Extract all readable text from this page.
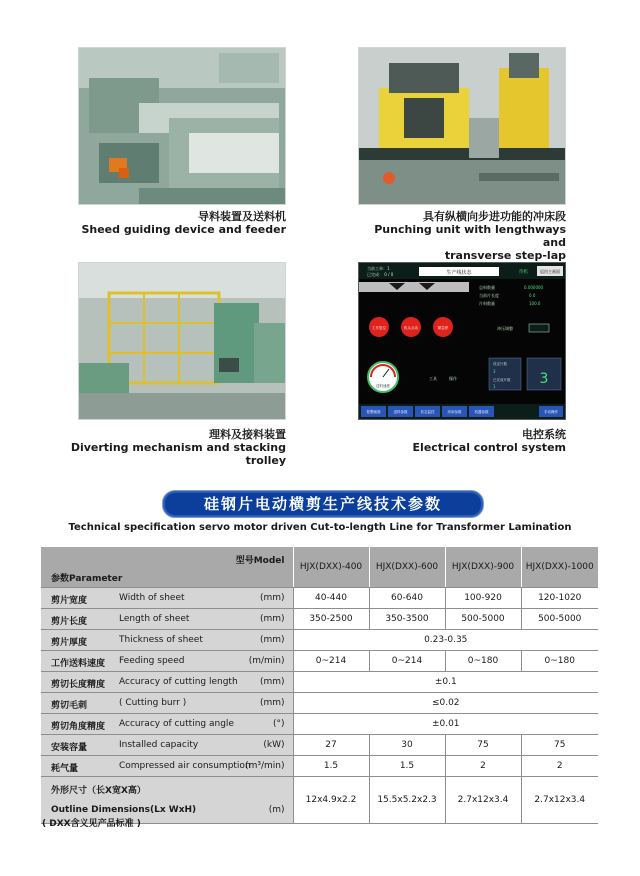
导料装置及送料机
Sheed guiding device and feeder
具有纵横向步进功能的冲床段
Punching unit with lengthways and
transverse step-lap
当前工单：1
已完成： 0 / 0	生产线状态	待机	返回主画面
总料数量	0.000000
当前片长度	0.0
片料数量	100.0
工作复位	机头点动	紧急停	冲压调整
设定片数
3
已完成片数
1	3
送料速度
工具	操作
报警画面	送料参数	状态监控	冲床参数	机器参数	手动操作
理料及接料装置
Diverting mechanism and stacking trolley
电控系统
Electrical control system
硅钢片电动横剪生产线技术参数
Technical specification servo motor driven Cut-to-length Line for Transformer Lamination
型号Model
参数Parameter	HJX(DXX)-400	HJX(DXX)-600	HJX(DXX)-900	HJX(DXX)-1000

剪片宽度 Width of sheet (mm)	40-440	60-640	100-920	120-1020

剪片长度 Length of sheet (mm)	350-2500	350-3500	500-5000	500-5000

剪片厚度 Thickness of sheet (mm)	0.23-0.35			

工作送料速度 Feeding speed (m/min)	0~214	0~214	0~180	0~180

剪切长度精度 Accuracy of cutting length (mm)	±0.1			

剪切毛刺 ( Cutting burr ) (mm)	≤0.02			

剪切角度精度 Accuracy of cutting angle (°)	±0.01			

安装容量 Installed capacity (kW)	27	30	75	75

耗气量 Compressed air consumption
(m³/min)	1.5	1.5	2	2

外形尺寸（长X宽X高）
Outline Dimensions(Lx WxH) (m)	12x4.9x2.2	15.5x5.2x2.3	2.7x12x3.4	2.7x12x3.4
( DXX含义见产品标准 )
